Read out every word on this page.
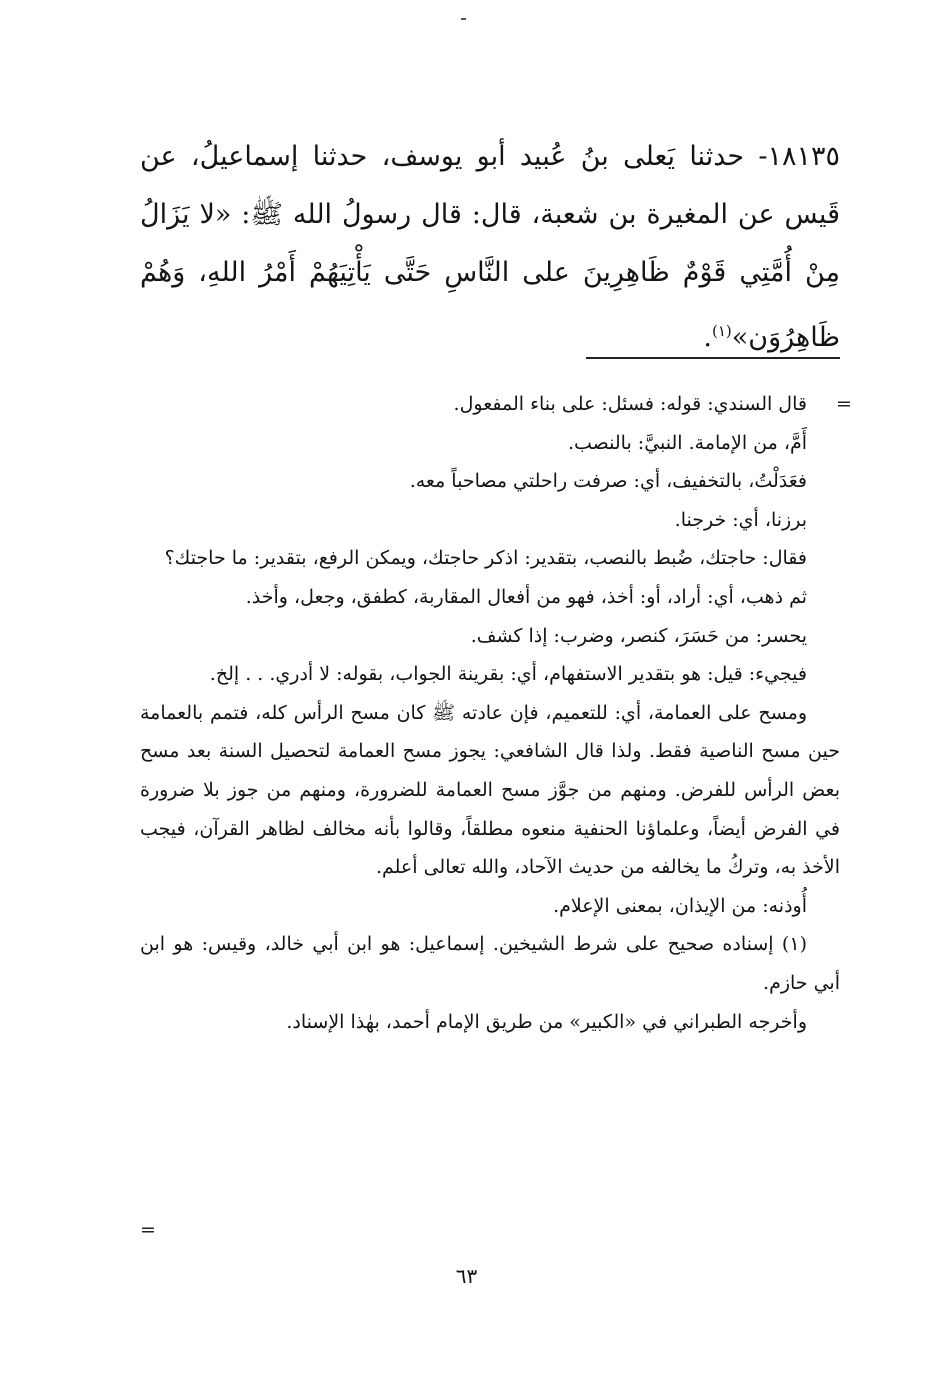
١٨١٣٥- حدثنا يَعلى بنُ عُبيد أبو يوسف، حدثنا إسماعيلُ، عن قَيس عن المغيرة بن شعبة، قال: قال رسولُ الله ﷺ: «لا يَزَالُ مِنْ أُمَّتِي قَوْمٌ ظَاهِرِينَ على النَّاسِ حَتَّى يَأْتِيَهُمْ أَمْرُ اللهِ، وَهُمْ ظَاهِرُوَن»$^{(١)}$.

=

قال السندي: قوله: فسئل: على بناء المفعول.

أَمَّ، من الإمامة. النبيَّ: بالنصب.

فعَدَلْتُ، بالتخفيف، أي: صرفت راحلتي مصاحباً معه.

برزنا، أي: خرجنا.

فقال: حاجتك، ضُبط بالنصب، بتقدير: اذكر حاجتك، ويمكن الرفع، بتقدير: ما حاجتك؟

ثم ذهب، أي: أراد، أو: أخذ، فهو من أفعال المقاربة، كطفق، وجعل، وأخذ.

يحسر: من حَسَرَ، كنصر، وضرب: إذا كشف.

فيجيء: قيل: هو بتقدير الاستفهام، أي: بقرينة الجواب، بقوله: لا أدري. . . إلخ.

ومسح على العمامة، أي: للتعميم، فإن عادته ﷺ كان مسح الرأس كله، فتمم بالعمامة حين مسح الناصية فقط. ولذا قال الشافعي: يجوز مسح العمامة لتحصيل السنة بعد مسح بعض الرأس للفرض. ومنهم من جوَّز مسح العمامة للضرورة، ومنهم من جوز بلا ضرورة في الفرض أيضاً، وعلماؤنا الحنفية منعوه مطلقاً، وقالوا بأنه مخالف لظاهر القرآن، فيجب الأخذ به، وتركُ ما يخالفه من حديث الآحاد، والله تعالى أعلم.

أُوذنه: من الإيذان، بمعنى الإعلام.

(١) إسناده صحيح على شرط الشيخين. إسماعيل: هو ابن أبي خالد، وقيس: هو ابن أبي حازم.

وأخرجه الطبراني في «الكبير» من طريق الإمام أحمد، بهٰذا الإسناد.

=
٦٣
